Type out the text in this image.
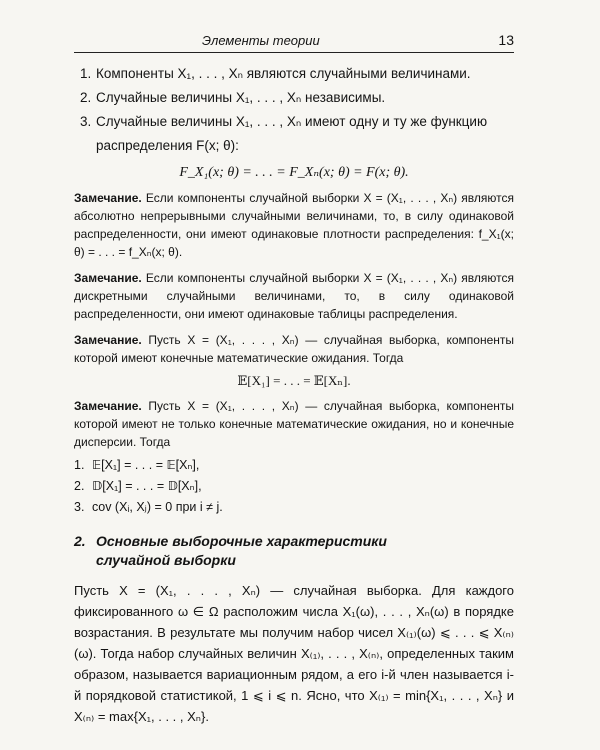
Элементы теории	13
1. Компоненты X₁, . . . , Xₙ являются случайными величинами.
2. Случайные величины X₁, . . . , Xₙ независимы.
3. Случайные величины X₁, . . . , Xₙ имеют одну и ту же функцию распределения F(x; θ):
F_X₁(x; θ) = . . . = F_Xₙ(x; θ) = F(x; θ).

Замечание. Если компоненты случайной выборки X = (X₁, . . . , Xₙ) являются абсолютно непрерывными случайными величинами, то, в силу одинаковой распределенности, они имеют одинаковые плотности распределения: f_X₁(x; θ) = . . . = f_Xₙ(x; θ).

Замечание. Если компоненты случайной выборки X = (X₁, . . . , Xₙ) являются дискретными случайными величинами, то, в силу одинаковой распределенности, они имеют одинаковые таблицы распределения.

Замечание. Пусть X = (X₁, . . . , Xₙ) — случайная выборка, компоненты которой имеют конечные математические ожидания. Тогда

𝔼[X₁] = . . . = 𝔼[Xₙ].

Замечание. Пусть X = (X₁, . . . , Xₙ) — случайная выборка, компоненты которой имеют не только конечные математические ожидания, но и конечные дисперсии. Тогда

1. 𝔼[X₁] = . . . = 𝔼[Xₙ],
2. 𝔻[X₁] = . . . = 𝔻[Xₙ],
3. cov (Xᵢ, Xⱼ) = 0 при i ≠ j.
2. Основные выборочные характеристики
случайной выборки

Пусть X = (X₁, . . . , Xₙ) — случайная выборка. Для каждого фиксированного ω ∈ Ω расположим числа X₁(ω), . . . , Xₙ(ω) в порядке возрастания. В результате мы получим набор чисел X₍₁₎(ω) ⩽ . . . ⩽ X₍ₙ₎(ω). Тогда набор случайных величин X₍₁₎, . . . , X₍ₙ₎, определенных таким образом, называется вариационным рядом, а его i-й член называется i-й порядковой статистикой, 1 ⩽ i ⩽ n. Ясно, что X₍₁₎ = min{X₁, . . . , Xₙ} и X₍ₙ₎ = max{X₁, . . . , Xₙ}.
